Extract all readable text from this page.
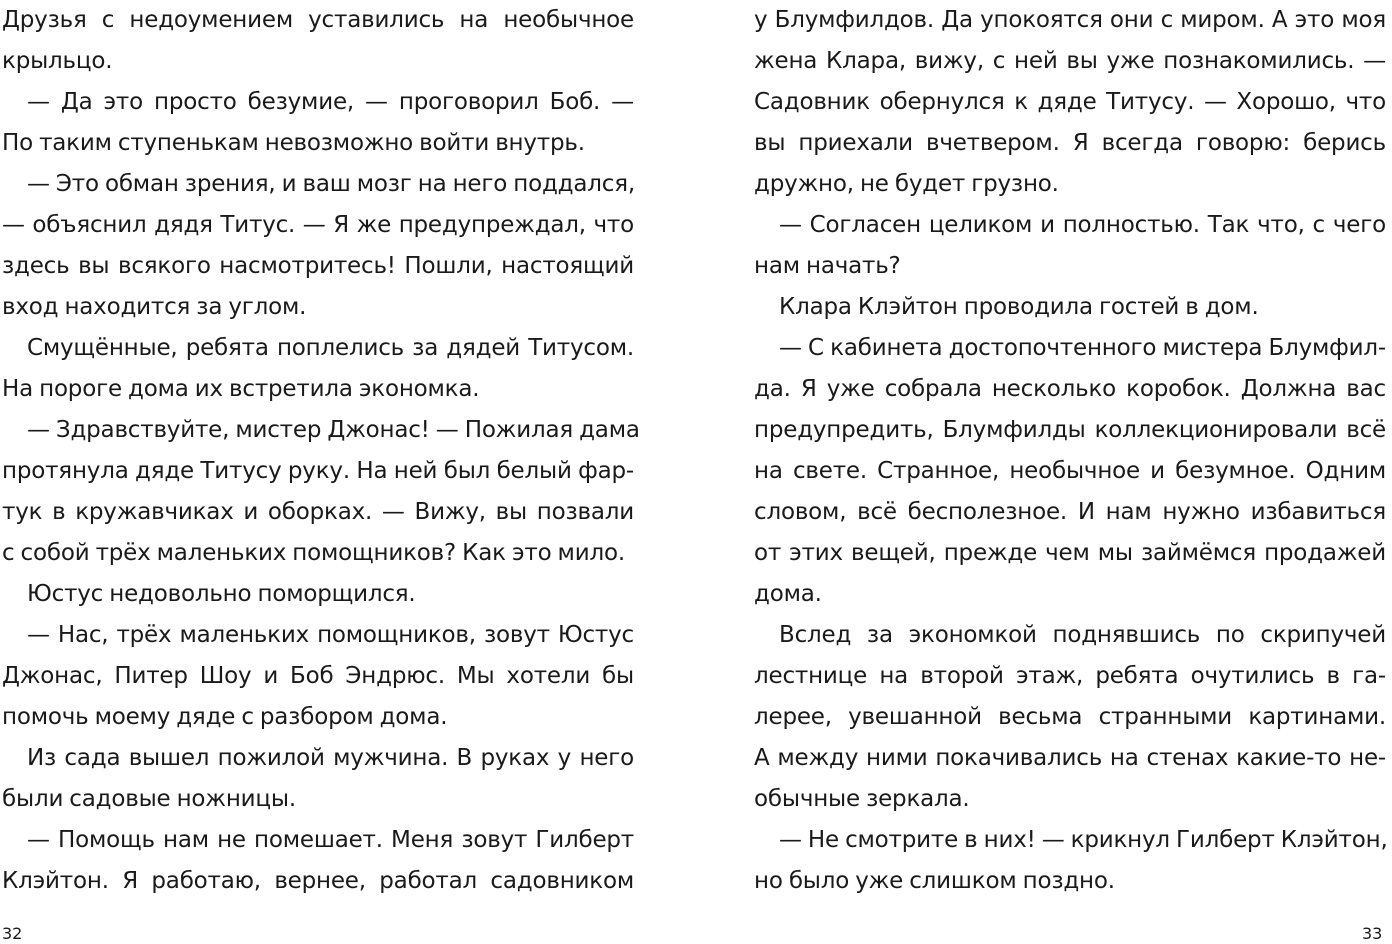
Друзья с недоумением уставились на необычное
крыльцо.
— Да это просто безумие, — проговорил Боб. —
По таким ступенькам невозможно войти внутрь.
— Это обман зрения, и ваш мозг на него поддался,
— объяснил дядя Титус. — Я же предупреждал, что
здесь вы всякого насмотритесь! Пошли, настоящий
вход находится за углом.
Смущённые, ребята поплелись за дядей Титусом.
На пороге дома их встретила экономка.
— Здравствуйте, мистер Джонас! — Пожилая дама
протянула дяде Титусу руку. На ней был белый фар-
тук в кружавчиках и оборках. — Вижу, вы позвали
с собой трёх маленьких помощников? Как это мило.
Юстус недовольно поморщился.
— Нас, трёх маленьких помощников, зовут Юстус
Джонас, Питер Шоу и Боб Эндрюс. Мы хотели бы
помочь моему дяде с разбором дома.
Из сада вышел пожилой мужчина. В руках у него
были садовые ножницы.
— Помощь нам не помешает. Меня зовут Гилберт
Клэйтон. Я работаю, вернее, работал садовником
у Блумфилдов. Да упокоятся они с миром. А это моя
жена Клара, вижу, с ней вы уже познакомились. —
Садовник обернулся к дяде Титусу. — Хорошо, что
вы приехали вчетвером. Я всегда говорю: берись
дружно, не будет грузно.
— Согласен целиком и полностью. Так что, с чего
нам начать?
Клара Клэйтон проводила гостей в дом.
— С кабинета достопочтенного мистера Блумфил-
да. Я уже собрала несколько коробок. Должна вас
предупредить, Блумфилды коллекционировали всё
на свете. Странное, необычное и безумное. Одним
словом, всё бесполезное. И нам нужно избавиться
от этих вещей, прежде чем мы займёмся продажей
дома.
Вслед за экономкой поднявшись по скрипучей
лестнице на второй этаж, ребята очутились в га-
лерее, увешанной весьма странными картинами.
А между ними покачивались на стенах какие-то не-
обычные зеркала.
— Не смотрите в них! — крикнул Гилберт Клэйтон,
но было уже слишком поздно.
32	33
